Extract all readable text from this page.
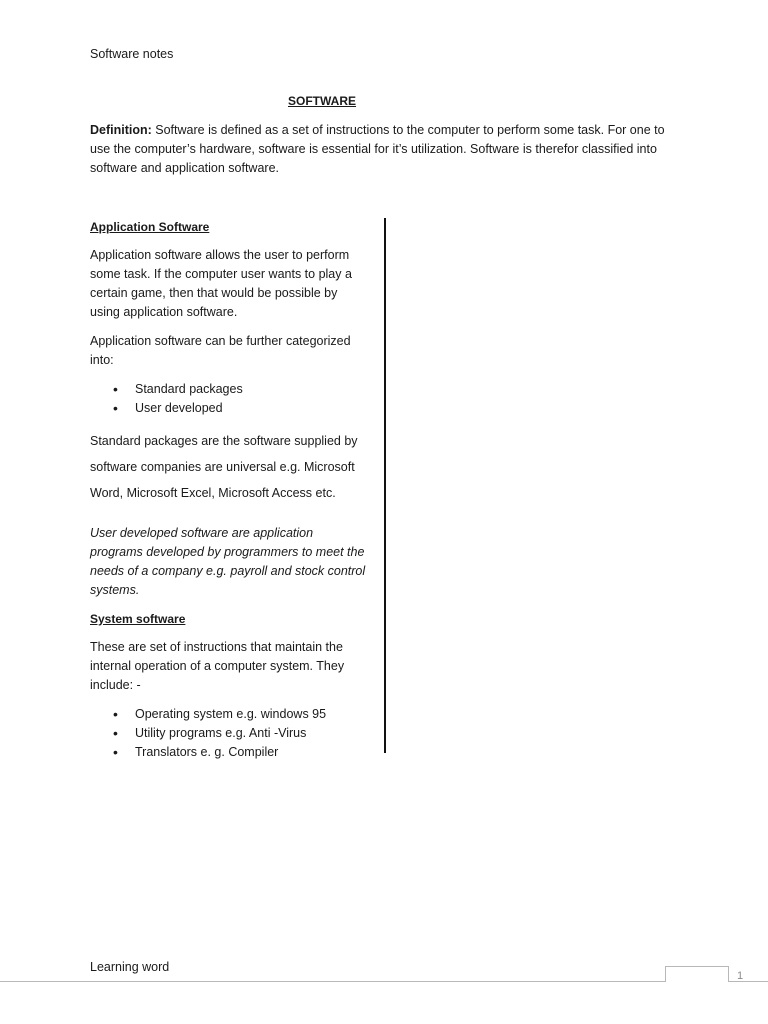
Software notes
SOFTWARE
Definition: Software is defined as a set of instructions to the computer to perform some task. For one to use the computer’s hardware, software is essential for it’s utilization. Software is therefor classified into software and application software.
Application Software

Application software allows the user to perform some task. If the computer user wants to play a certain game, then that would be possible by using application software.

Application software can be further categorized into:

• Standard packages
• User developed

Standard packages are the software supplied by software companies are universal e.g. Microsoft Word, Microsoft Excel, Microsoft Access etc.

User developed software are application programs developed by programmers to meet the needs of a company e.g. payroll and stock control systems.

System software

These are set of instructions that maintain the internal operation of a computer system. They include: -

• Operating system e.g. windows 95
• Utility programs e.g. Anti -Virus
• Translators e. g. Compiler
Learning word
1
